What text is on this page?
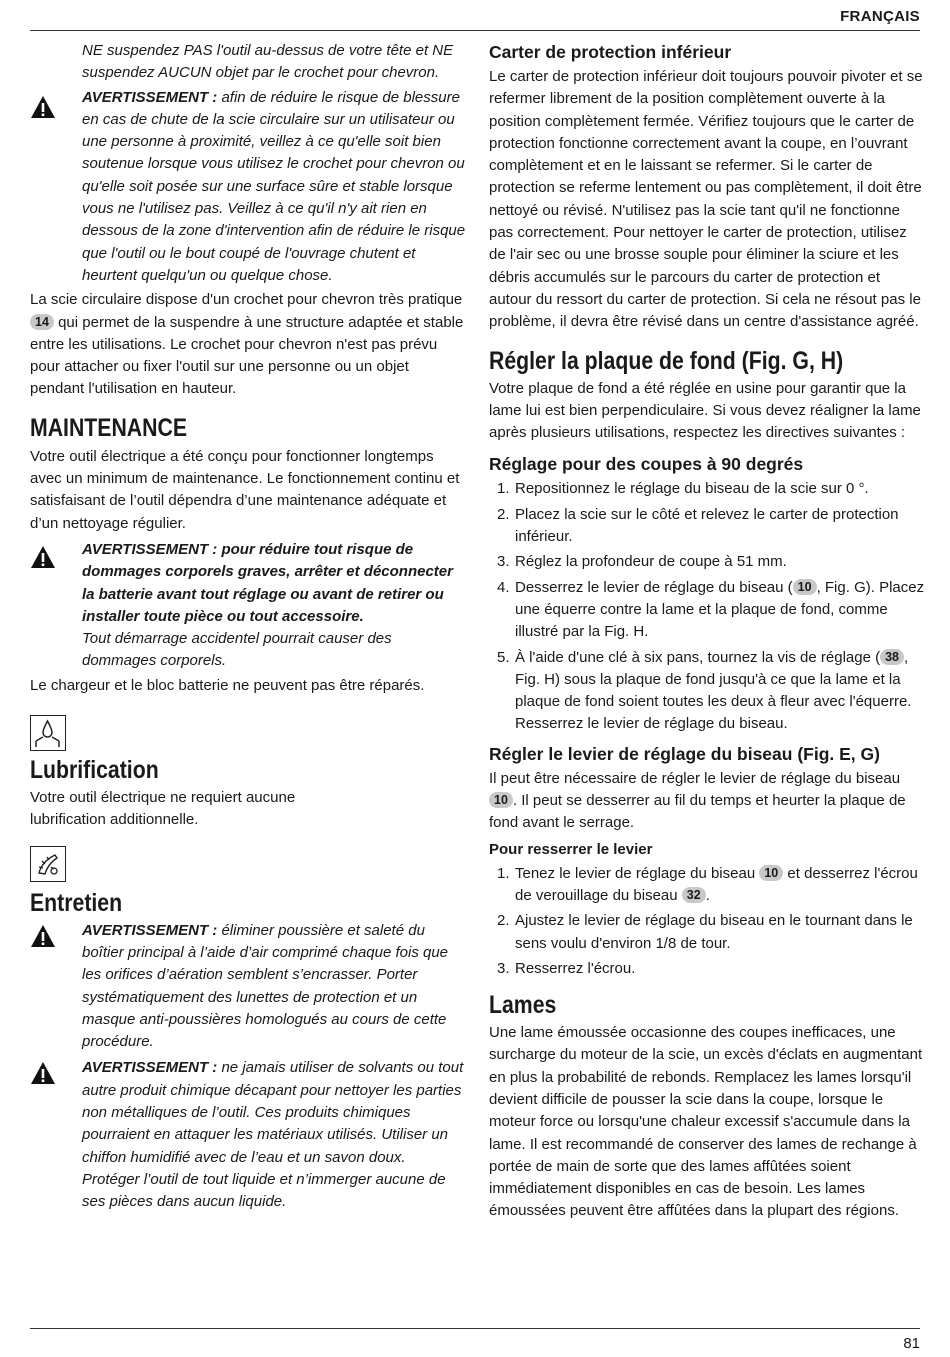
FRANÇAIS

NE suspendez PAS l'outil au-dessus de votre tête et NE suspendez AUCUN objet par le crochet pour chevron.

AVERTISSEMENT : afin de réduire le risque de blessure en cas de chute de la scie circulaire sur un utilisateur ou une personne à proximité, veillez à ce qu'elle soit bien soutenue lorsque vous utilisez le crochet pour chevron ou qu'elle soit posée sur une surface sûre et stable lorsque vous ne l'utilisez pas. Veillez à ce qu'il n'y ait rien en dessous de la zone d'intervention afin de réduire le risque que l'outil ou le bout coupé de l'ouvrage chutent et heurtent quelqu'un ou quelque chose.

La scie circulaire dispose d'un crochet pour chevron très pratique 14 qui permet de la suspendre à une structure adaptée et stable entre les utilisations. Le crochet pour chevron n'est pas prévu pour attacher ou fixer l'outil sur une personne ou un objet pendant l'utilisation en hauteur.

MAINTENANCE

Votre outil électrique a été conçu pour fonctionner longtemps avec un minimum de maintenance. Le fonctionnement continu et satisfaisant de l’outil dépendra d’une maintenance adéquate et d’un nettoyage régulier.

AVERTISSEMENT : pour réduire tout risque de dommages corporels graves, arrêter et déconnecter la batterie avant tout réglage ou avant de retirer ou installer toute pièce ou tout accessoire.

Tout démarrage accidentel pourrait causer des dommages corporels.

Le chargeur et le bloc batterie ne peuvent pas être réparés.

Lubrification

Votre outil électrique ne requiert aucune lubrification additionnelle.

Entretien
AVERTISSEMENT : éliminer poussière et saleté du boîtier principal à l’aide d’air comprimé chaque fois que les orifices d’aération semblent s’encrasser. Porter systématiquement des lunettes de protection et un masque anti-poussières homologués au cours de cette procédure.
AVERTISSEMENT : ne jamais utiliser de solvants ou tout autre produit chimique décapant pour nettoyer les parties non métalliques de l’outil. Ces produits chimiques pourraient en attaquer les matériaux utilisés. Utiliser un chiffon humidifié avec de l’eau et un savon doux. Protéger l’outil de tout liquide et n’immerger aucune de ses pièces dans aucun liquide.
Carter de protection inférieur

Le carter de protection inférieur doit toujours pouvoir pivoter et se refermer librement de la position complètement ouverte à la position complètement fermée. Vérifiez toujours que le carter de protection fonctionne correctement avant la coupe, en l’ouvrant complètement et en le laissant se refermer. Si le carter de protection se referme lentement ou pas complètement, il doit être nettoyé ou révisé. N'utilisez pas la scie tant qu'il ne fonctionne pas correctement. Pour nettoyer le carter de protection, utilisez de l'air sec ou une brosse souple pour éliminer la sciure et les débris accumulés sur le parcours du carter de protection et autour du ressort du carter de protection. Si cela ne résout pas le problème, il devra être révisé dans un centre d'assistance agréé.

Régler la plaque de fond (Fig. G, H)

Votre plaque de fond a été réglée en usine pour garantir que la lame lui est bien perpendiculaire. Si vous devez réaligner la lame après plusieurs utilisations, respectez les directives suivantes :

Réglage pour des coupes à 90 degrés
1. Repositionnez le réglage du biseau de la scie sur 0 °.
2. Placez la scie sur le côté et relevez le carter de protection inférieur.
3. Réglez la profondeur de coupe à 51 mm.
4. Desserrez le levier de réglage du biseau ( 10 , Fig. G). Placez une équerre contre la lame et la plaque de fond, comme illustré par la Fig. H.
5. À l'aide d'une clé à six pans, tournez la vis de réglage ( 38 , Fig. H) sous la plaque de fond jusqu'à ce que la lame et la plaque de fond soient toutes les deux à fleur avec l'équerre. Resserrez le levier de réglage du biseau.
Régler le levier de réglage du biseau (Fig. E, G)

Il peut être nécessaire de régler le levier de réglage du biseau 10 . Il peut se desserrer au fil du temps et heurter la plaque de fond avant le serrage.

Pour resserrer le levier
1. Tenez le levier de réglage du biseau 10 et desserrez l'écrou de verouillage du biseau 32 .
2. Ajustez le levier de réglage du biseau en le tournant dans le sens voulu d'environ 1/8 de tour.
3. Resserrez l'écrou.
Lames

Une lame émoussée occasionne des coupes inefficaces, une surcharge du moteur de la scie, un excès d'éclats en augmentant en plus la probabilité de rebonds. Remplacez les lames lorsqu'il devient difficile de pousser la scie dans la coupe, lorsque le moteur force ou lorsqu'une chaleur excessif s'accumule dans la lame. Il est recommandé de conserver des lames de rechange à portée de main de sorte que des lames affûtées soient immédiatement disponibles en cas de besoin. Les lames émoussées peuvent être affûtées dans la plupart des régions.

81
